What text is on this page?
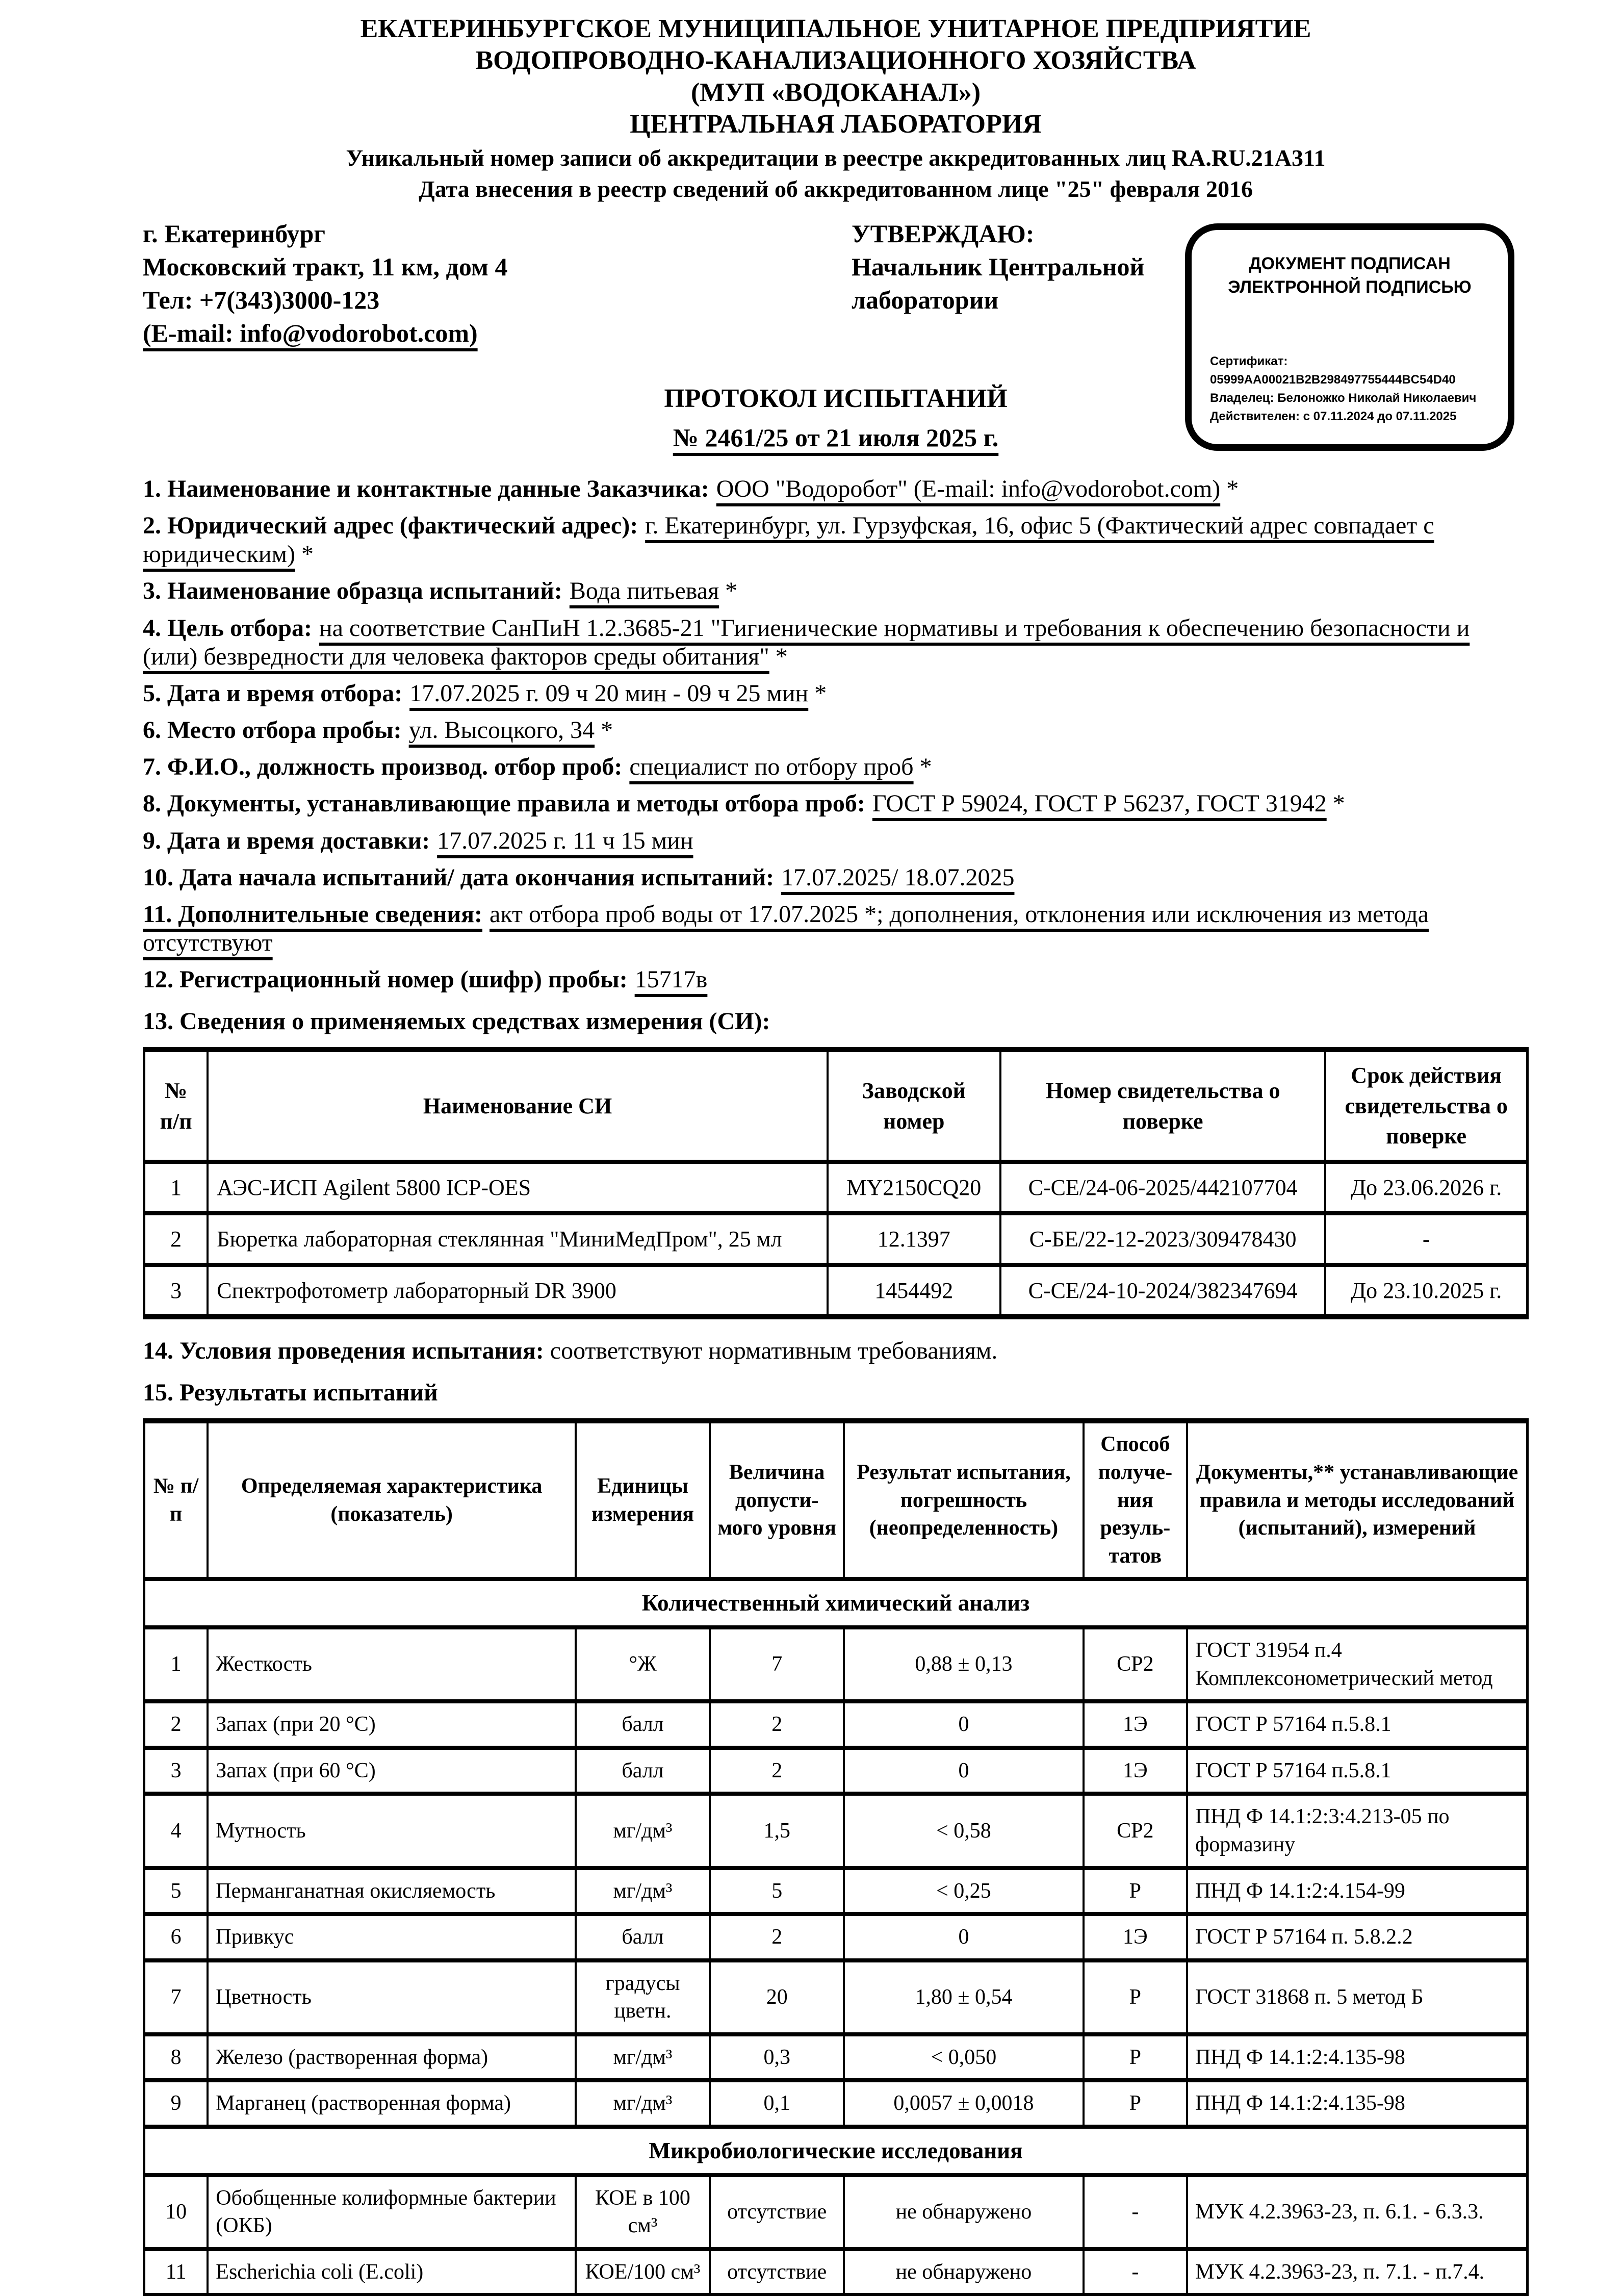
ЕКАТЕРИНБУРГСКОЕ МУНИЦИПАЛЬНОЕ УНИТАРНОЕ ПРЕДПРИЯТИЕ
ВОДОПРОВОДНО-КАНАЛИЗАЦИОННОГО ХОЗЯЙСТВА
(МУП «ВОДОКАНАЛ»)
ЦЕНТРАЛЬНАЯ ЛАБОРАТОРИЯ
Уникальный номер записи об аккредитации в реестре аккредитованных лиц RA.RU.21А311
Дата внесения в реестр сведений об аккредитованном лице "25" февраля 2016
г. Екатеринбург
Московский тракт, 11 км, дом 4
Тел: +7(343)3000-123
(E-mail: info@vodorobot.com)
УТВЕРЖДАЮ:
Начальник Центральной
лаборатории
ДОКУМЕНТ ПОДПИСАН
ЭЛЕКТРОННОЙ ПОДПИСЬЮ
Сертификат: 05999AA00021B2B298497755444BC54D40
Владелец: Белоножко Николай Николаевич
Действителен: с 07.11.2024 до 07.11.2025
ПРОТОКОЛ ИСПЫТАНИЙ
№ 2461/25 от 21 июля 2025 г.

1. Наименование и контактные данные Заказчика: ООО "Водоробот" (E-mail: info@vodorobot.com) *

2. Юридический адрес (фактический адрес): г. Екатеринбург, ул. Гурзуфская, 16, офис 5 (Фактический адрес совпадает с юридическим) *

3. Наименование образца испытаний: Вода питьевая *

4. Цель отбора: на соответствие СанПиН 1.2.3685-21 "Гигиенические нормативы и требования к обеспечению безопасности и (или) безвредности для человека факторов среды обитания" *

5. Дата и время отбора: 17.07.2025 г. 09 ч 20 мин - 09 ч 25 мин *

6. Место отбора пробы: ул. Высоцкого, 34 *

7. Ф.И.О., должность производ. отбор проб: специалист по отбору проб *

8. Документы, устанавливающие правила и методы отбора проб: ГОСТ Р 59024, ГОСТ Р 56237, ГОСТ 31942 *

9. Дата и время доставки: 17.07.2025 г. 11 ч 15 мин

10. Дата начала испытаний/ дата окончания испытаний: 17.07.2025/ 18.07.2025

11. Дополнительные сведения: акт отбора проб воды от 17.07.2025 *; дополнения, отклонения или исключения из метода отсутствуют

12. Регистрационный номер (шифр) пробы: 15717в

13. Сведения о применяемых средствах измерения (СИ):

№ п/п	Наименование СИ	Заводской номер	Номер свидетельства о поверке	Срок действия свидетельства о поверке
1	АЭС-ИСП Agilent 5800 ICP-OES	MY2150CQ20	С-СЕ/24-06-2025/442107704	До 23.06.2026 г.
2	Бюретка лабораторная стеклянная "МиниМедПром", 25 мл	12.1397	С-БЕ/22-12-2023/309478430	-
3	Спектрофотометр лабораторный DR 3900	1454492	С-СЕ/24-10-2024/382347694	До 23.10.2025 г.

14. Условия проведения испытания: соответствуют нормативным требованиям.

15. Результаты испытаний

№ п/п	Определяемая характеристика (показатель)	Единицы измерения	Величина допусти-мого уровня	Результат испытания, погрешность (неопределенность)	Способ получе-ния резуль-татов	Документы,** устанавливающие правила и методы исследований (испытаний), измерений
Количественный химический анализ						
1	Жесткость	°Ж	7	0,88 ± 0,13	СР2	ГОСТ 31954 п.4 Комплексонометрический метод
2	Запах (при 20 °С)	балл	2	0	1Э	ГОСТ Р 57164 п.5.8.1
3	Запах (при 60 °С)	балл	2	0	1Э	ГОСТ Р 57164 п.5.8.1
4	Мутность	мг/дм³	1,5	< 0,58	СР2	ПНД Ф 14.1:2:3:4.213-05 по формазину
5	Перманганатная окисляемость	мг/дм³	5	< 0,25	Р	ПНД Ф 14.1:2:4.154-99
6	Привкус	балл	2	0	1Э	ГОСТ Р 57164 п. 5.8.2.2
7	Цветность	градусы цветн.	20	1,80 ± 0,54	Р	ГОСТ 31868 п. 5 метод Б
8	Железо (растворенная форма)	мг/дм³	0,3	< 0,050	Р	ПНД Ф 14.1:2:4.135-98
9	Марганец (растворенная форма)	мг/дм³	0,1	0,0057 ± 0,0018	Р	ПНД Ф 14.1:2:4.135-98
Микробиологические исследования						
10	Обобщенные колиформные бактерии (ОКБ)	КОЕ в 100 см³	отсутствие	не обнаружено	-	МУК 4.2.3963-23, п. 6.1. - 6.3.3.
11	Escherichia coli (E.coli)	КОЕ/100 см³	отсутствие	не обнаружено	-	МУК 4.2.3963-23, п. 7.1. - п.7.4.
